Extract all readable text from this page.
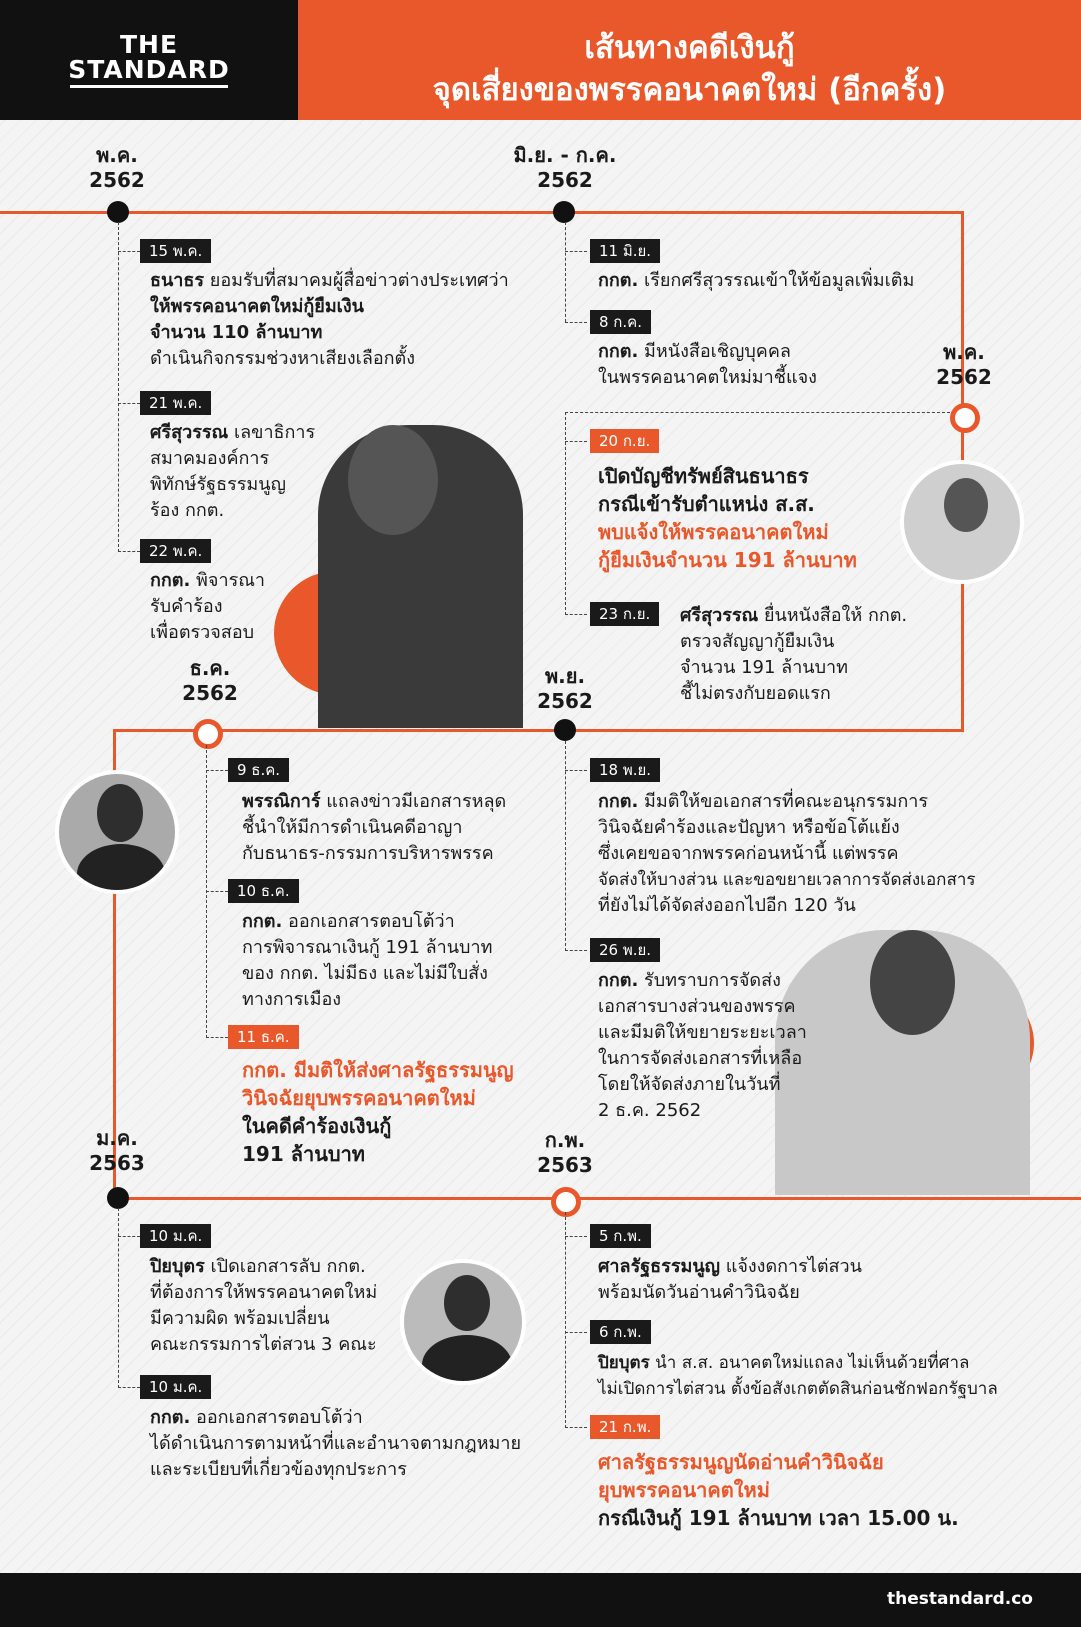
THE
STANDARD
เส้นทางคดีเงินกู้
จุดเสี่ยงของพรรคอนาคตใหม่ (อีกครั้ง)
พ.ค.
2562
มิ.ย. - ก.ค.
2562
พ.ค.
2562
ธ.ค.
2562
พ.ย.
2562
ม.ค.
2563
ก.พ.
2563
15 พ.ค.
ธนาธร ยอมรับที่สมาคมผู้สื่อข่าวต่างประเทศว่า
ให้พรรคอนาคตใหม่กู้ยืมเงิน
จำนวน 110 ล้านบาท
ดำเนินกิจกรรมช่วงหาเสียงเลือกตั้ง
21 พ.ค.
ศรีสุวรรณ เลขาธิการ
สมาคมองค์การ
พิทักษ์รัฐธรรมนูญ
ร้อง กกต.
22 พ.ค.
กกต. พิจารณา
รับคำร้อง
เพื่อตรวจสอบ
11 มิ.ย.
กกต. เรียกศรีสุวรรณเข้าให้ข้อมูลเพิ่มเติม
8 ก.ค.
กกต. มีหนังสือเชิญบุคคล
ในพรรคอนาคตใหม่มาชี้แจง
20 ก.ย.
เปิดบัญชีทรัพย์สินธนาธร
กรณีเข้ารับตำแหน่ง ส.ส.
พบแจ้งให้พรรคอนาคตใหม่
กู้ยืมเงินจำนวน 191 ล้านบาท
23 ก.ย.	ศรีสุวรรณ ยื่นหนังสือให้ กกต.
ตรวจสัญญากู้ยืมเงิน
จำนวน 191 ล้านบาท
ชี้ไม่ตรงกับยอดแรก
9 ธ.ค.
พรรณิการ์ แถลงข่าวมีเอกสารหลุด
ชี้นำให้มีการดำเนินคดีอาญา
กับธนาธร-กรรมการบริหารพรรค
10 ธ.ค.
กกต. ออกเอกสารตอบโต้ว่า
การพิจารณาเงินกู้ 191 ล้านบาท
ของ กกต. ไม่มีธง และไม่มีใบสั่ง
ทางการเมือง
11 ธ.ค.
กกต. มีมติให้ส่งศาลรัฐธรรมนูญ
วินิจฉัยยุบพรรคอนาคตใหม่
ในคดีคำร้องเงินกู้
191 ล้านบาท
18 พ.ย.
กกต. มีมติให้ขอเอกสารที่คณะอนุกรรมการ
วินิจฉัยคำร้องและปัญหา หรือข้อโต้แย้ง
ซึ่งเคยขอจากพรรคก่อนหน้านี้ แต่พรรค
จัดส่งให้บางส่วน และขอขยายเวลาการจัดส่งเอกสาร
ที่ยังไม่ได้จัดส่งออกไปอีก 120 วัน
26 พ.ย.
กกต. รับทราบการจัดส่ง
เอกสารบางส่วนของพรรค
และมีมติให้ขยายระยะเวลา
ในการจัดส่งเอกสารที่เหลือ
โดยให้จัดส่งภายในวันที่
2 ธ.ค. 2562
10 ม.ค.
ปิยบุตร เปิดเอกสารลับ กกต.
ที่ต้องการให้พรรคอนาคตใหม่
มีความผิด พร้อมเปลี่ยน
คณะกรรมการไต่สวน 3 คณะ
10 ม.ค.
กกต. ออกเอกสารตอบโต้ว่า
ได้ดำเนินการตามหน้าที่และอำนาจตามกฎหมาย
และระเบียบที่เกี่ยวข้องทุกประการ
5 ก.พ.
ศาลรัฐธรรมนูญ แจ้งงดการไต่สวน
พร้อมนัดวันอ่านคำวินิจฉัย
6 ก.พ.
ปิยบุตร นำ ส.ส. อนาคตใหม่แถลง ไม่เห็นด้วยที่ศาล
ไม่เปิดการไต่สวน ตั้งข้อสังเกตตัดสินก่อนชักฟอกรัฐบาล
21 ก.พ.
ศาลรัฐธรรมนูญนัดอ่านคำวินิจฉัย
ยุบพรรคอนาคตใหม่
กรณีเงินกู้ 191 ล้านบาท เวลา 15.00 น.
thestandard.co
